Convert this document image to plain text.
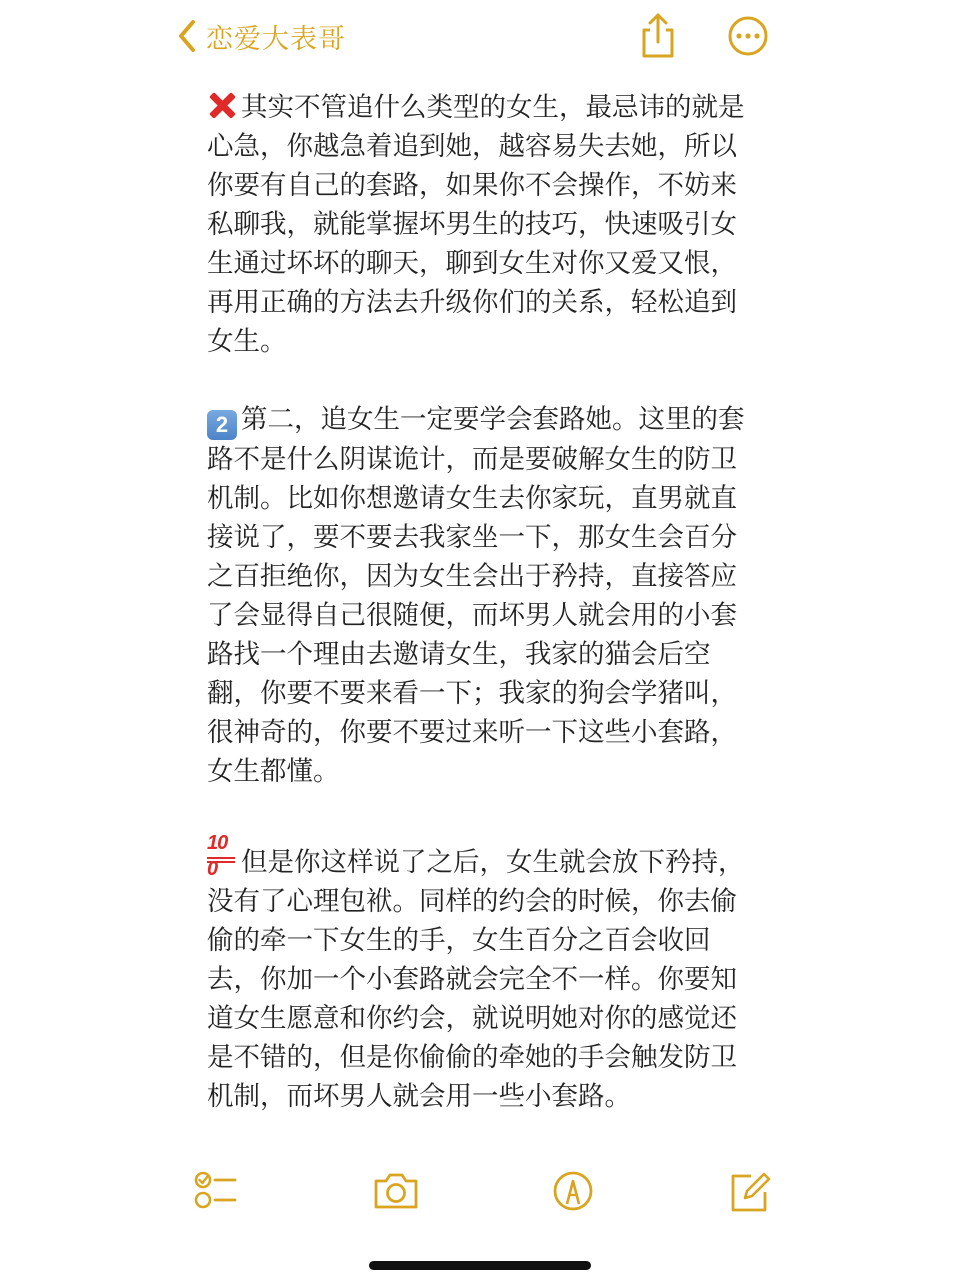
恋爱大表哥

其实不管追什么类型的女生，最忌讳的就是心急，你越急着追到她，越容易失去她，所以你要有自己的套路，如果你不会操作，不妨来私聊我，就能掌握坏男生的技巧，快速吸引女生通过坏坏的聊天，聊到女生对你又爱又恨，再用正确的方法去升级你们的关系，轻松追到女生。

2 第二，追女生一定要学会套路她。这里的套路不是什么阴谋诡计，而是要破解女生的防卫机制。比如你想邀请女生去你家玩，直男就直接说了，要不要去我家坐一下，那女生会百分之百拒绝你，因为女生会出于矜持，直接答应了会显得自己很随便，而坏男人就会用的小套路找一个理由去邀请女生，我家的猫会后空翻，你要不要来看一下；我家的狗会学猪叫，很神奇的，你要不要过来听一下这些小套路，女生都懂。

100 但是你这样说了之后，女生就会放下矜持，没有了心理包袱。同样的约会的时候，你去偷偷的牵一下女生的手，女生百分之百会收回去，你加一个小套路就会完全不一样。你要知道女生愿意和你约会，就说明她对你的感觉还是不错的，但是你偷偷的牵她的手会触发防卫机制，而坏男人就会用一些小套路。
